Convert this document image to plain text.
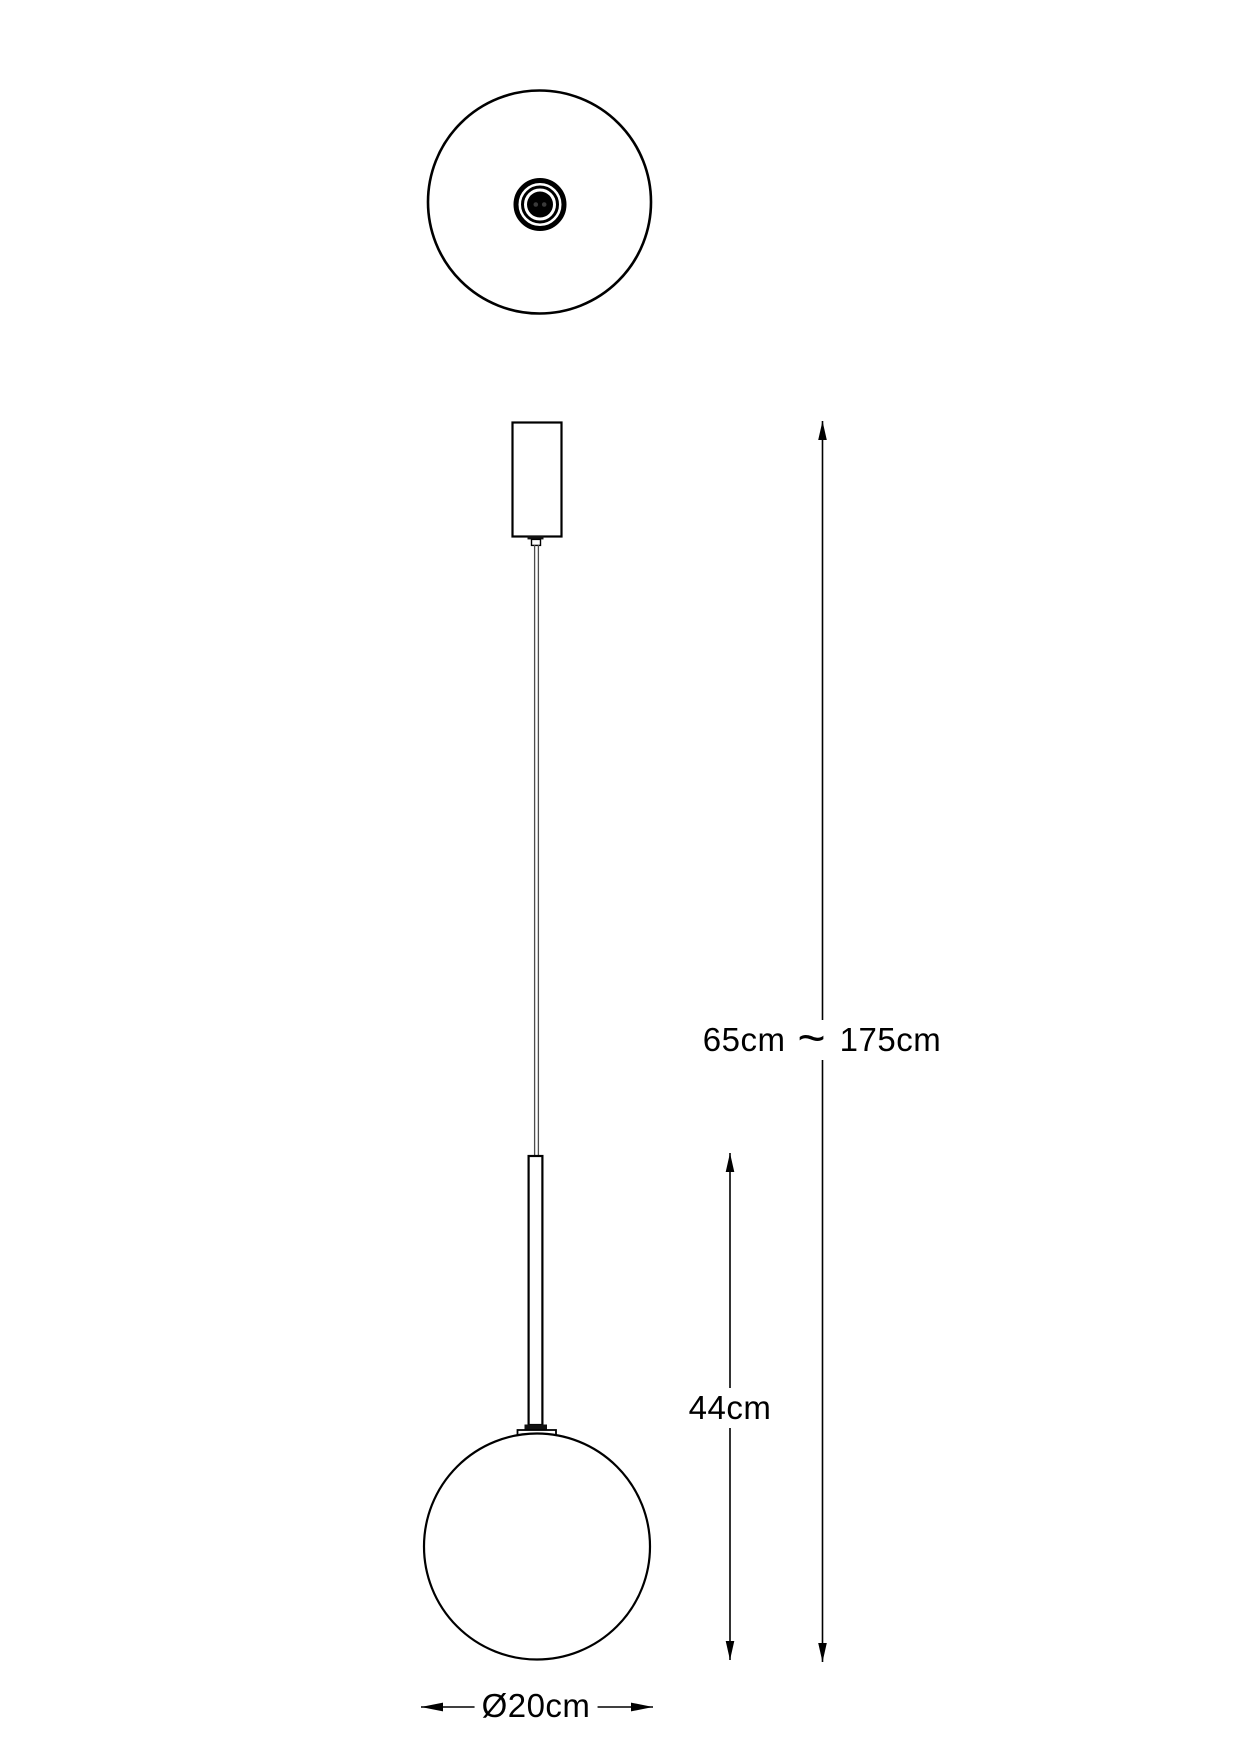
65cm ~ 175cm
44cm
Ø20cm
